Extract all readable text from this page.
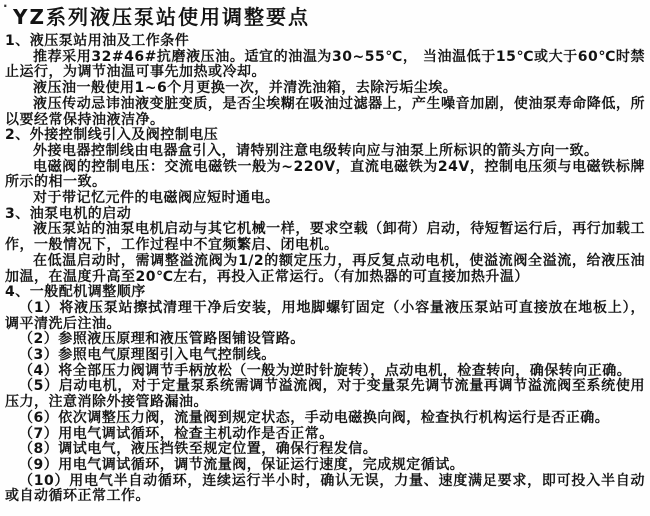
.
YZ系列液压泵站使用调整要点

1、液压泵站用油及工作条件

推荐采用32#46#抗磨液压油。适宜的油温为30~55℃， 当油温低于15℃或大于60℃时禁止运行，为调节油温可事先加热或冷却。

液压油一般使用1~6个月更换一次，并清洗油箱，去除污垢尘埃。

液压传动忌讳油液变脏变质，是否尘埃糊在吸油过滤器上，产生噪音加剧，使油泵寿命降低，所以要经常保持油液洁净。

2、外接控制线引入及阀控制电压

外接电器控制线由电器盒引入，请特别注意电级转向应与油泵上所标识的箭头方向一致。

电磁阀的控制电压：交流电磁铁一般为~220V，直流电磁铁为24V，控制电压须与电磁铁标牌所示的相一致。

对于带记忆元件的电磁阀应短时通电。

3、油泵电机的启动

液压泵站的油泵电机启动与其它机械一样，要求空载（卸荷）启动，待短暂运行后，再行加载工作，一般情况下，工作过程中不宜频繁启、闭电机。

在低温启动时，需调整溢流阀为1/2的额定压力，再反复点动电机，使溢流阀全溢流，给液压油加温，在温度升高至20℃左右，再投入正常运行。（有加热器的可直接加热升温）

4、一般配机调整顺序

（1）将液压泵站擦拭清理干净后安装，用地脚螺钉固定（小容量液压泵站可直接放在地板上），调平清洗后注油。

（2）参照液压原理和液压管路图铺设管路。

（3）参照电气原理图引入电气控制线。

（4）将全部压力阀调节手柄放松（一般为逆时针旋转），点动电机，检查转向，确保转向正确。

（5）启动电机，对于定量泵系统需调节溢流阀，对于变量泵先调节流量再调节溢流阀至系统使用压力，注意消除外接管路漏油。

（6）依次调整压力阀，流量阀到规定状态，手动电磁换向阀，检查执行机构运行是否正确。

（7）用电气调试循环，检查主机动作是否正常。

（8）调试电气，液压挡铁至规定位置，确保行程发信。

（9）用电气调试循环，调节流量阀，保证运行速度，完成规定循试。

（10）用电气半自动循环，连续运行半小时，确认无误，力量、速度满足要求，即可投入半自动或自动循环正常工作。
